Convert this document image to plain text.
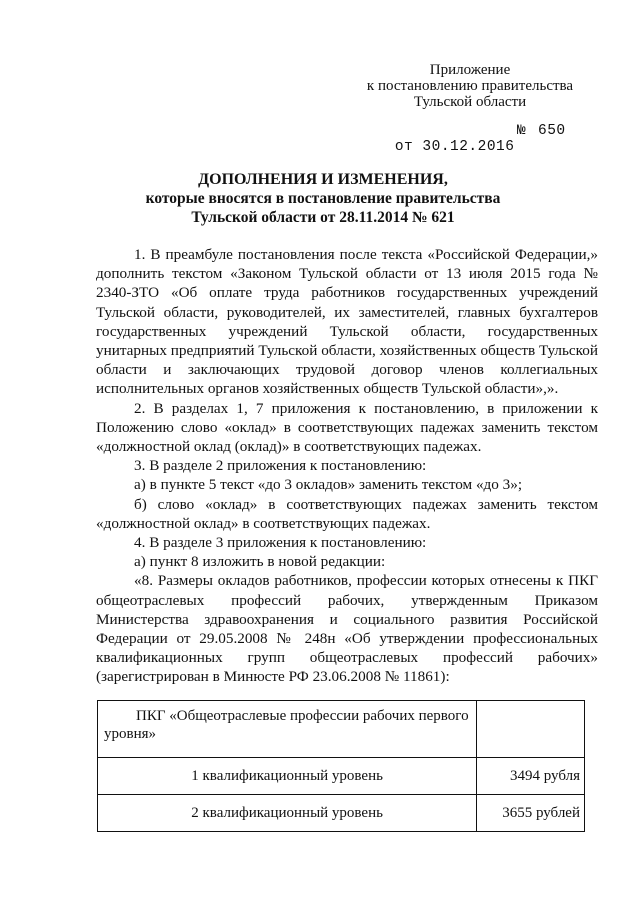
Приложение
к постановлению правительства
Тульской области

от 30.12.2016

№

650

ДОПОЛНЕНИЯ И ИЗМЕНЕНИЯ,
которые вносятся в постановление правительства
Тульской области от 28.11.2014 № 621

1. В преамбуле постановления после текста «Российской Федерации,» дополнить текстом «Законом Тульской области от 13 июля 2015 года № 2340-ЗТО «Об оплате труда работников государственных учреждений Тульской области, руководителей, их заместителей, главных бухгалтеров государственных учреждений Тульской области, государственных унитарных предприятий Тульской области, хозяйственных обществ Тульской области и заключающих трудовой договор членов коллегиальных исполнительных органов хозяйственных обществ Тульской области»,».

2. В разделах 1, 7 приложения к постановлению, в приложении к Положению слово «оклад» в соответствующих падежах заменить текстом «должностной оклад (оклад)» в соответствующих падежах.

3. В разделе 2 приложения к постановлению:

а) в пункте 5 текст «до 3 окладов» заменить текстом «до 3»;

б) слово «оклад» в соответствующих падежах заменить текстом «должностной оклад» в соответствующих падежах.

4. В разделе 3 приложения к постановлению:

а) пункт 8 изложить в новой редакции:

«8. Размеры окладов работников, профессии которых отнесены к ПКГ общеотраслевых профессий рабочих, утвержденным Приказом Министерства здравоохранения и социального развития Российской Федерации от 29.05.2008 № 248н «Об утверждении профессиональных квалификационных групп общеотраслевых профессий рабочих» (зарегистрирован в Минюсте РФ 23.06.2008 № 11861):

ПКГ «Общеотраслевые профессии рабочих первого уровня»	
1 квалификационный уровень	3494 рубля
2 квалификационный уровень	3655 рублей
